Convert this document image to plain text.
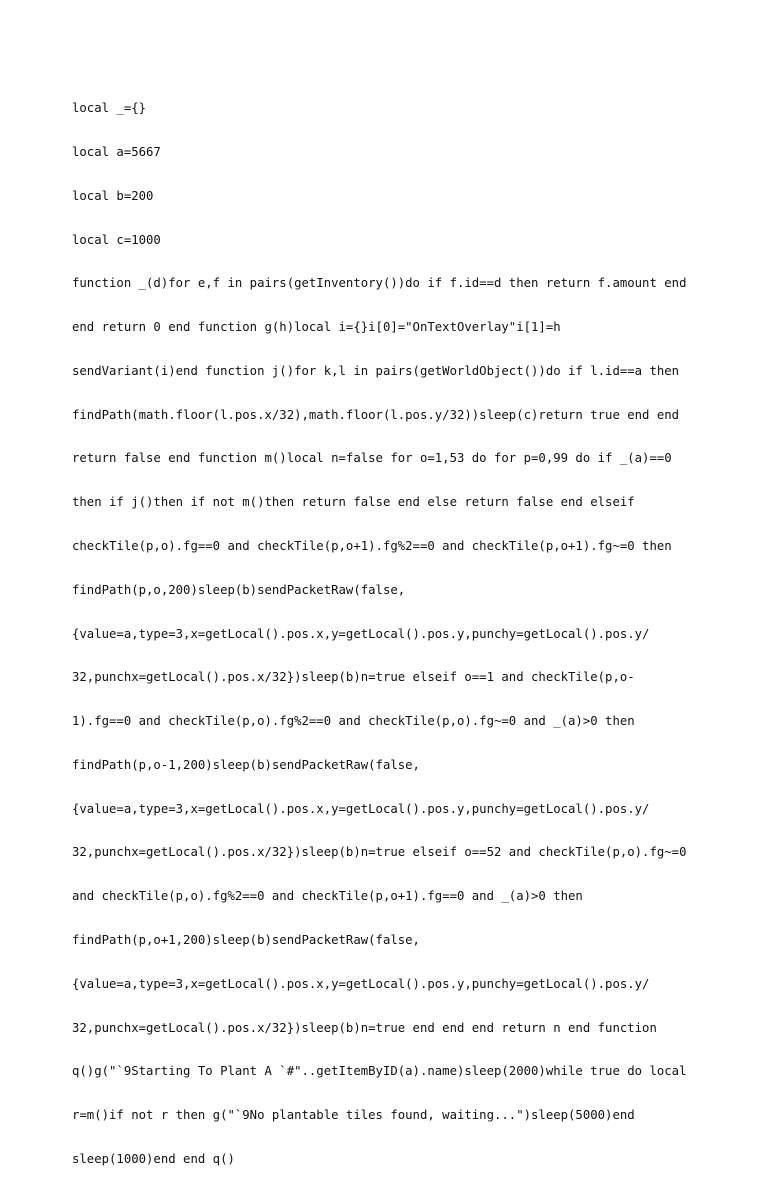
local _={}

local a=5667

local b=200

local c=1000

function _(d)for e,f in pairs(getInventory())do if f.id==d then return f.amount end

end return 0 end function g(h)local i={}i[0]="OnTextOverlay"i[1]=h

sendVariant(i)end function j()for k,l in pairs(getWorldObject())do if l.id==a then

findPath(math.floor(l.pos.x/32),math.floor(l.pos.y/32))sleep(c)return true end end

return false end function m()local n=false for o=1,53 do for p=0,99 do if _(a)==0

then if j()then if not m()then return false end else return false end elseif

checkTile(p,o).fg==0 and checkTile(p,o+1).fg%2==0 and checkTile(p,o+1).fg~=0 then

findPath(p,o,200)sleep(b)sendPacketRaw(false,

{value=a,type=3,x=getLocal().pos.x,y=getLocal().pos.y,punchy=getLocal().pos.y/

32,punchx=getLocal().pos.x/32})sleep(b)n=true elseif o==1 and checkTile(p,o-

1).fg==0 and checkTile(p,o).fg%2==0 and checkTile(p,o).fg~=0 and _(a)>0 then

findPath(p,o-1,200)sleep(b)sendPacketRaw(false,

{value=a,type=3,x=getLocal().pos.x,y=getLocal().pos.y,punchy=getLocal().pos.y/

32,punchx=getLocal().pos.x/32})sleep(b)n=true elseif o==52 and checkTile(p,o).fg~=0

and checkTile(p,o).fg%2==0 and checkTile(p,o+1).fg==0 and _(a)>0 then

findPath(p,o+1,200)sleep(b)sendPacketRaw(false,

{value=a,type=3,x=getLocal().pos.x,y=getLocal().pos.y,punchy=getLocal().pos.y/

32,punchx=getLocal().pos.x/32})sleep(b)n=true end end end return n end function

q()g("`9Starting To Plant A `#"..getItemByID(a).name)sleep(2000)while true do local

r=m()if not r then g("`9No plantable tiles found, waiting...")sleep(5000)end

sleep(1000)end end q()
